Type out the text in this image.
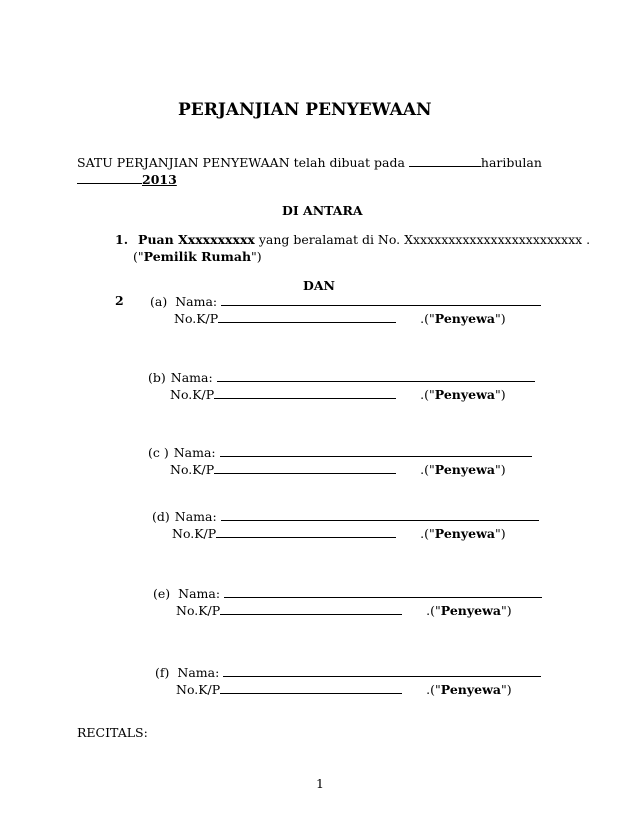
PERJANJIAN PENYEWAAN
SATU PERJANJIAN PENYEWAAN telah dibuat pada	haribulan
2013
DI ANTARA
1. Puan Xxxxxxxxxx yang beralamat di No. Xxxxxxxxxxxxxxxxxxxxxxxxx .
("Pemilik Rumah")
DAN
2 (a) Nama:
No.K/P	.("Penyewa")
(b) Nama:
No.K/P	.("Penyewa")
(c ) Nama:
No.K/P	.("Penyewa")
(d) Nama:
No.K/P	.("Penyewa")
(e) Nama:
No.K/P	.("Penyewa")
(f) Nama:
No.K/P	.("Penyewa")
RECITALS:
1
